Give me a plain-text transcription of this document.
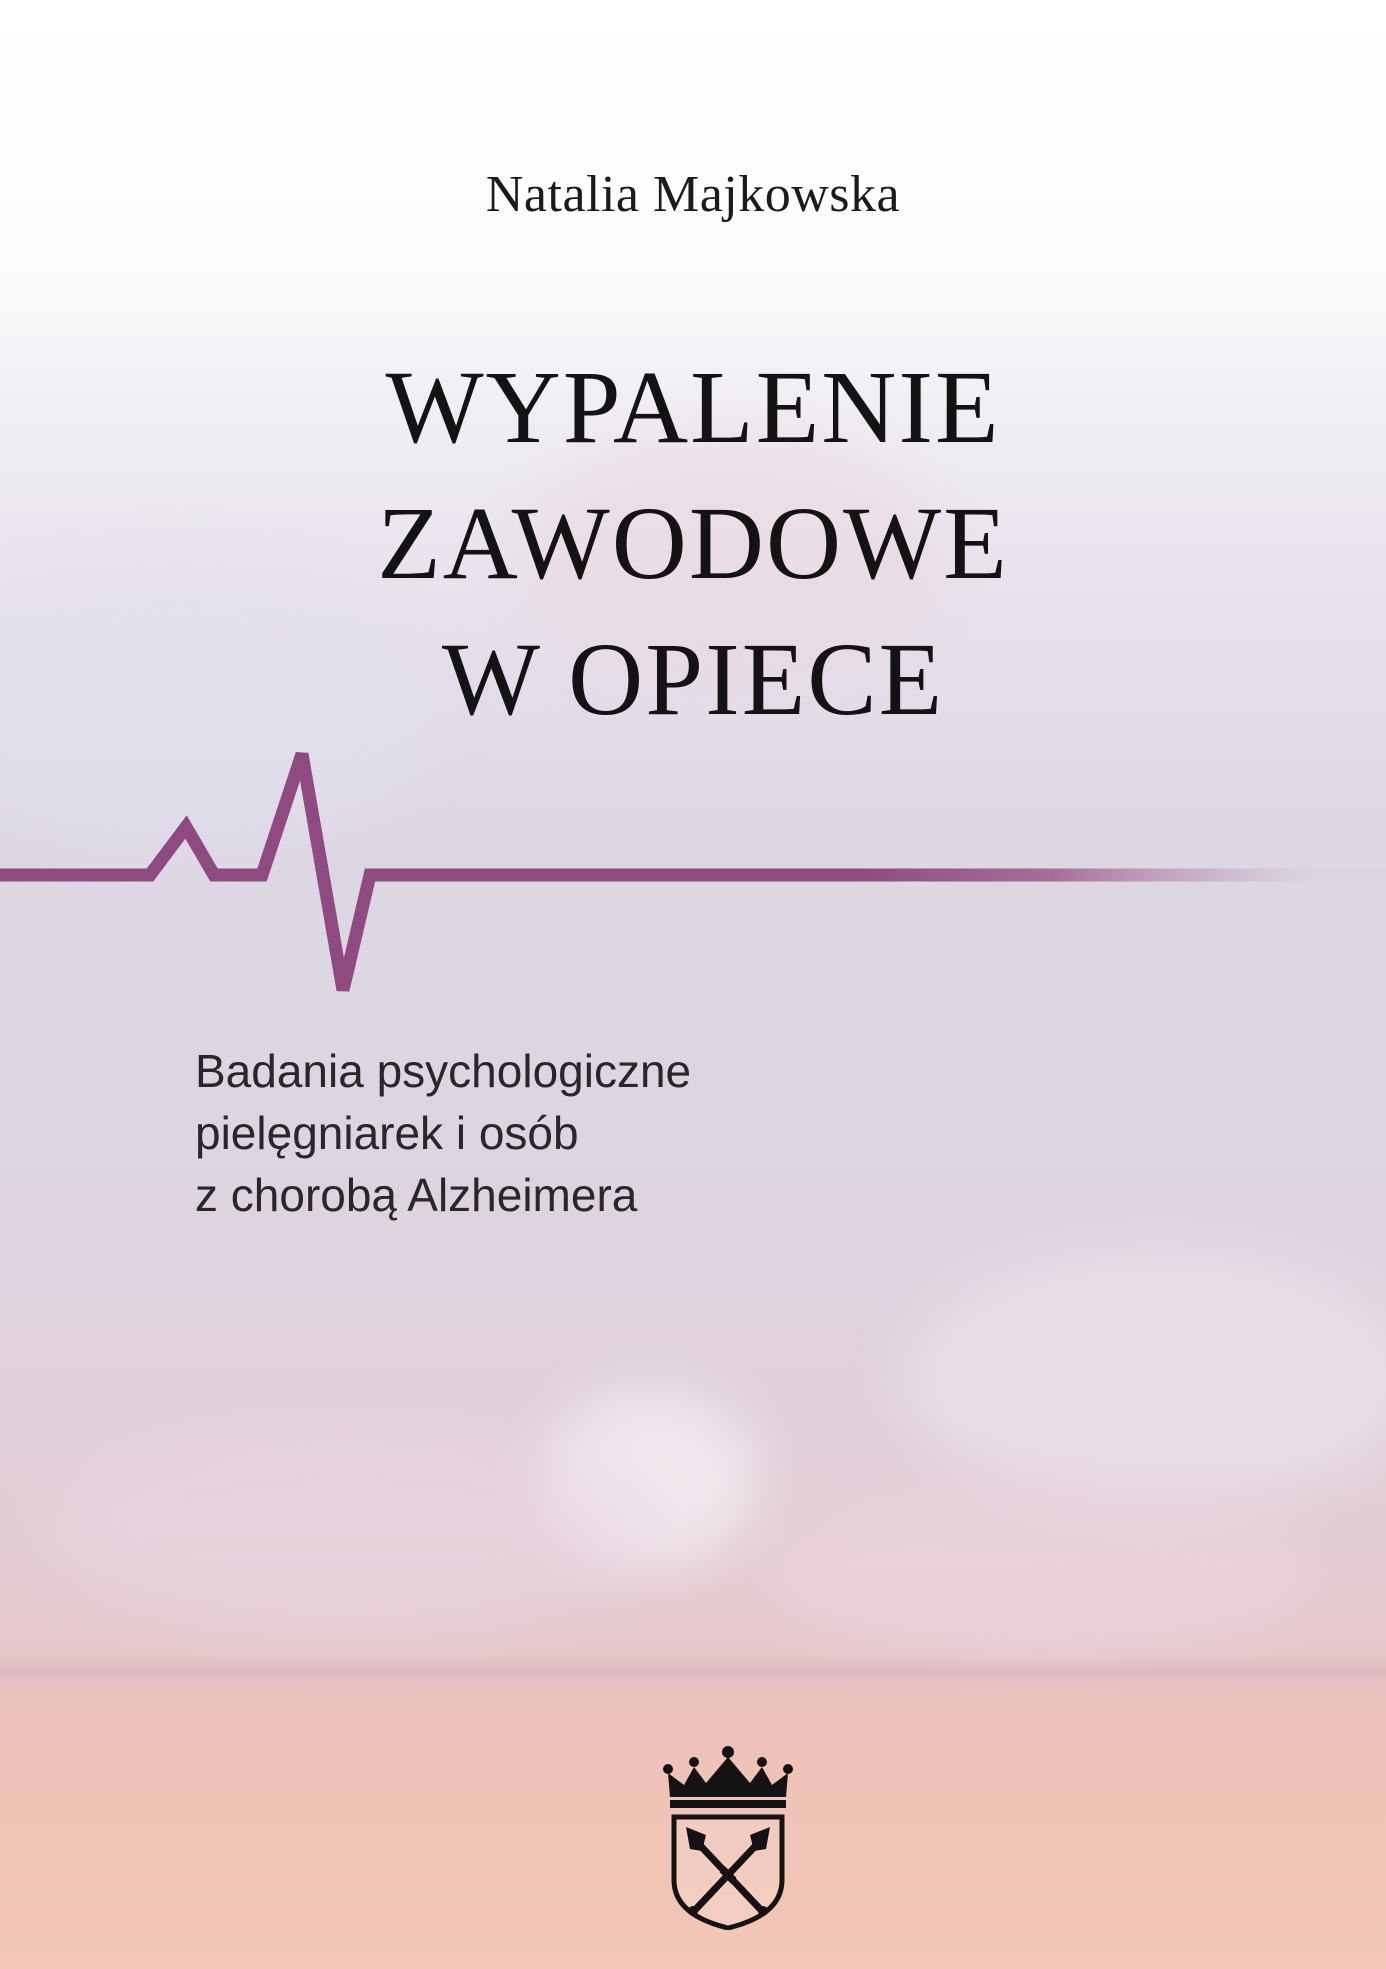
Natalia Majkowska
WYPALENIE
ZAWODOWE
W OPIECE
Badania psychologiczne
pielęgniarek i osób
z chorobą Alzheimera
